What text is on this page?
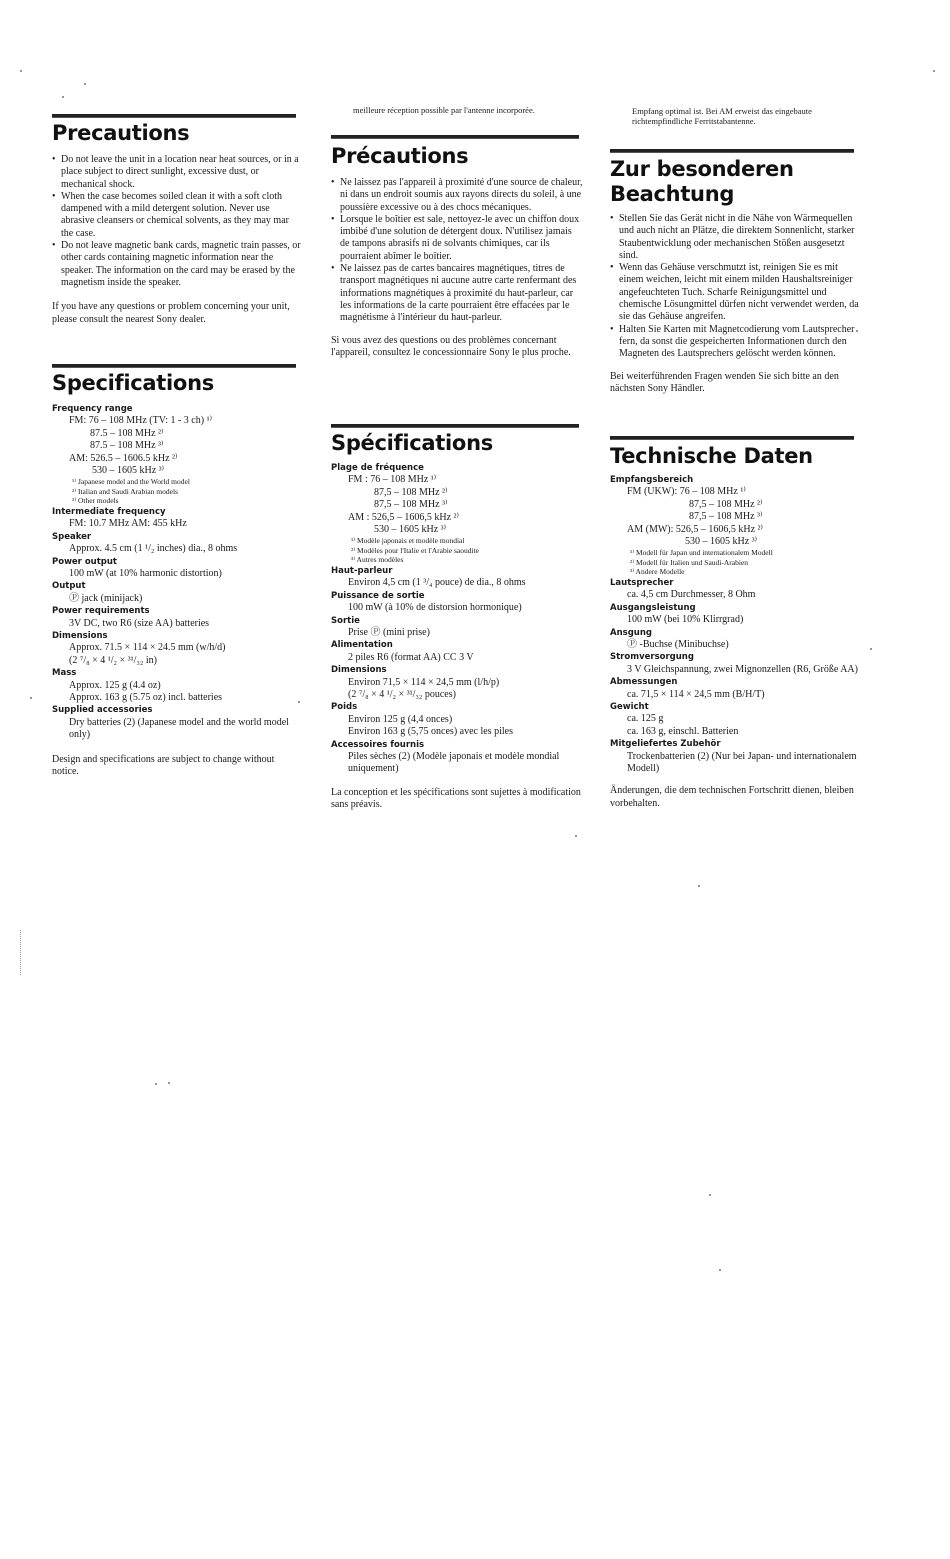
Precautions
• Do not leave the unit in a location near heat sources, or in a place subject to direct sunlight, excessive dust, or mechanical shock.
• When the case becomes soiled clean it with a soft cloth dampened with a mild detergent solution. Never use abrasive cleansers or chemical solvents, as they may mar the case.
• Do not leave magnetic bank cards, magnetic train passes, or other cards containing magnetic information near the speaker. The information on the card may be erased by the magnetism inside the speaker.

If you have any questions or problem concerning your unit, please consult the nearest Sony dealer.

Specifications
Frequency range
FM: 76 – 108 MHz (TV: 1 - 3 ch) ¹⁾
87.5 – 108 MHz ²⁾
87.5 – 108 MHz ³⁾
AM: 526.5 – 1606.5 kHz ²⁾
530 – 1605 kHz ³⁾
¹⁾ Japanese model and the World model
²⁾ Italian and Saudi Arabian models
³⁾ Other models
Intermediate frequency
FM: 10.7 MHz AM: 455 kHz
Speaker
Approx. 4.5 cm (1 ¹/₂ inches) dia., 8 ohms
Power output
100 mW (at 10% harmonic distortion)
Output
Ⓟ jack (minijack)
Power requirements
3V DC, two R6 (size AA) batteries
Dimensions
Approx. 71.5 × 114 × 24.5 mm (w/h/d)
(2 ⁷/₈ × 4 ¹/₂ × ³¹/₃₂ in)
Mass
Approx. 125 g (4.4 oz)
Approx. 163 g (5.75 oz) incl. batteries
Supplied accessories
Dry batteries (2) (Japanese model and the world model only)

Design and specifications are subject to change without notice.

meilleure réception possible par l'antenne incorporée.
Précautions
• Ne laissez pas l'appareil à proximité d'une source de chaleur, ni dans un endroit soumis aux rayons directs du soleil, à une poussière excessive ou à des chocs mécaniques.
• Lorsque le boîtier est sale, nettoyez-le avec un chiffon doux imbibé d'une solution de détergent doux. N'utilisez jamais de tampons abrasifs ni de solvants chimiques, car ils pourraient abîmer le boîtier.
• Ne laissez pas de cartes bancaires magnétiques, titres de transport magnétiques ni aucune autre carte renfermant des informations magnétiques à proximité du haut-parleur, car les informations de la carte pourraient être effacées par le magnétisme à l'intérieur du haut-parleur.

Si vous avez des questions ou des problèmes concernant l'appareil, consultez le concessionnaire Sony le plus proche.

Spécifications
Plage de fréquence
FM : 76 – 108 MHz ¹⁾
87,5 – 108 MHz ²⁾
87,5 – 108 MHz ³⁾
AM : 526,5 – 1606,5 kHz ²⁾
530 – 1605 kHz ³⁾
¹⁾ Modèle japonais et modèle mondial
²⁾ Modèles pour l'Italie et l'Arabie saoudite
³⁾ Autres modèles
Haut-parleur
Environ 4,5 cm (1 ³/₄ pouce) de dia., 8 ohms
Puissance de sortie
100 mW (à 10% de distorsion hormonique)
Sortie
Prise Ⓟ (mini prise)
Alimentation
2 piles R6 (format AA) CC 3 V
Dimensions
Environ 71,5 × 114 × 24,5 mm (l/h/p)
(2 ⁷/₈ × 4 ¹/₂ × ³¹/₃₂ pouces)
Poids
Environ 125 g (4,4 onces)
Environ 163 g (5,75 onces) avec les piles
Accessoires fournis
Piles sèches (2) (Modèle japonais et modèle mondial uniquement)

La conception et les spécifications sont sujettes à modification sans préavis.

Empfang optimal ist. Bei AM erweist das eingebaute richtempfindliche Ferritstabantenne.
Zur besonderen Beachtung
• Stellen Sie das Gerät nicht in die Nähe von Wärmequellen und auch nicht an Plätze, die direktem Sonnenlicht, starker Staubentwicklung oder mechanischen Stößen ausgesetzt sind.
• Wenn das Gehäuse verschmutzt ist, reinigen Sie es mit einem weichen, leicht mit einem milden Haushaltsreiniger angefeuchteten Tuch. Scharfe Reinigungsmittel und chemische Lösungmittel dürfen nicht verwendet werden, da sie das Gehäuse angreifen.
• Halten Sie Karten mit Magnetcodierung vom Lautsprecher fern, da sonst die gespeicherten Informationen durch den Magneten des Lautsprechers gelöscht werden können.

Bei weiterführenden Fragen wenden Sie sich bitte an den nächsten Sony Händler.

Technische Daten
Empfangsbereich
FM (UKW): 76 – 108 MHz ¹⁾
87,5 – 108 MHz ²⁾
87,5 – 108 MHz ³⁾
AM (MW): 526,5 – 1606,5 kHz ²⁾
530 – 1605 kHz ³⁾
¹⁾ Modell für Japan und internationalem Modell
²⁾ Modell für Italien und Saudi-Arabien
³⁾ Andere Modelle
Lautsprecher
ca. 4,5 cm Durchmesser, 8 Ohm
Ausgangsleistung
100 mW (bei 10% Klirrgrad)
Ansgung
Ⓟ -Buchse (Minibuchse)
Stromversorgung
3 V Gleichspannung, zwei Mignonzellen (R6, Größe AA)
Abmessungen
ca. 71,5 × 114 × 24,5 mm (B/H/T)
Gewicht
ca. 125 g
ca. 163 g, einschl. Batterien
Mitgeliefertes Zubehör
Trockenbatterien (2) (Nur bei Japan- und internationalem Modell)

Änderungen, die dem technischen Fortschritt dienen, bleiben vorbehalten.
